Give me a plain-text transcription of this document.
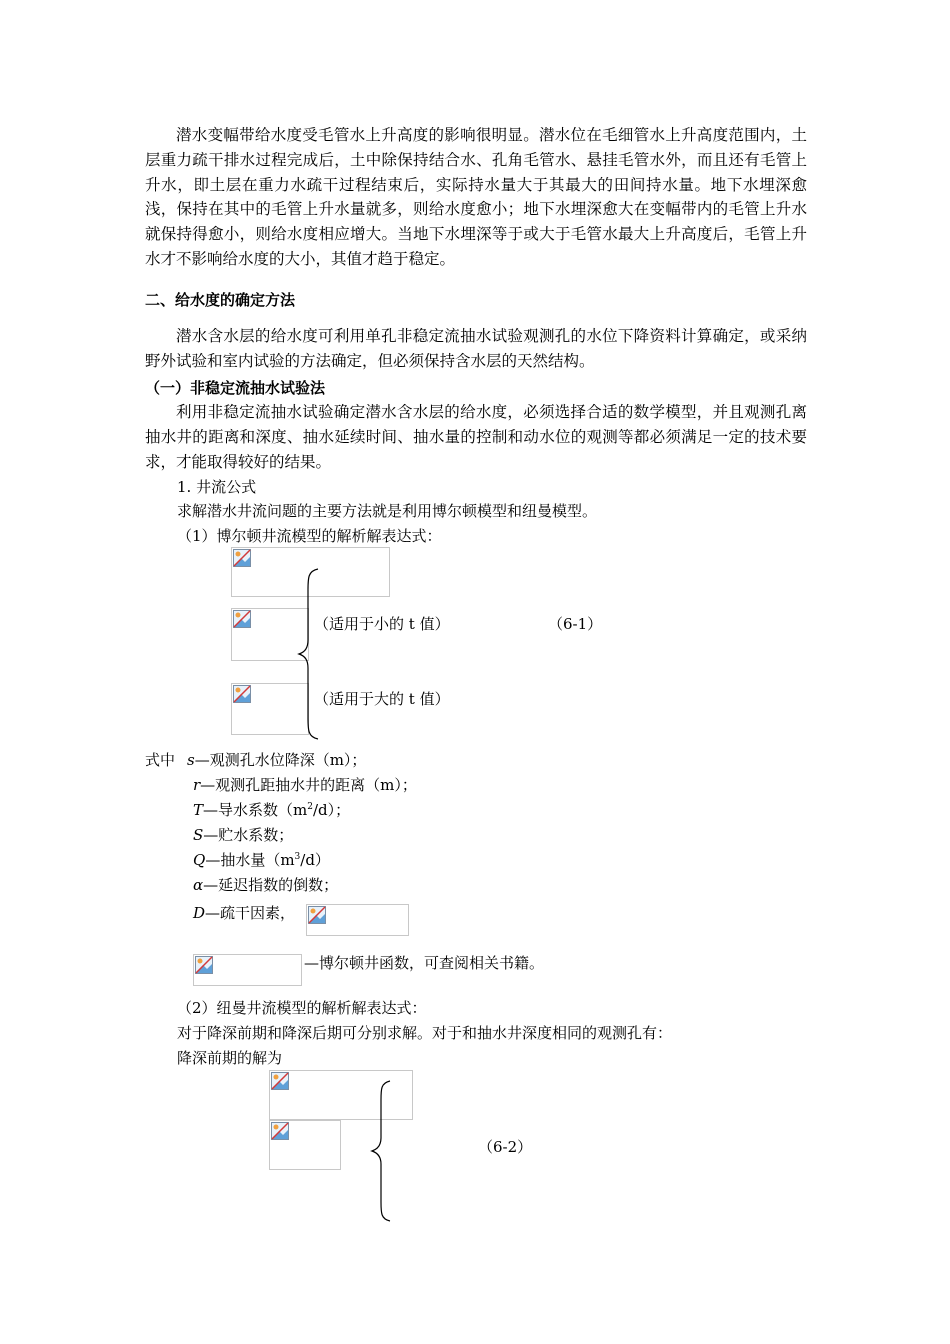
潜水变幅带给水度受毛管水上升高度的影响很明显。潜水位在毛细管水上升高度范围内，土层重力疏干排水过程完成后，土中除保持结合水、孔角毛管水、悬挂毛管水外，而且还有毛管上升水，即土层在重力水疏干过程结束后，实际持水量大于其最大的田间持水量。地下水埋深愈浅，保持在其中的毛管上升水量就多，则给水度愈小；地下水埋深愈大在变幅带内的毛管上升水就保持得愈小，则给水度相应增大。当地下水埋深等于或大于毛管水最大上升高度后，毛管上升水才不影响给水度的大小，其值才趋于稳定。
二、给水度的确定方法
潜水含水层的给水度可利用单孔非稳定流抽水试验观测孔的水位下降资料计算确定，或采纳野外试验和室内试验的方法确定，但必须保持含水层的天然结构。
（一）非稳定流抽水试验法
利用非稳定流抽水试验确定潜水含水层的给水度，必须选择合适的数学模型，并且观测孔离抽水井的距离和深度、抽水延续时间、抽水量的控制和动水位的观测等都必须满足一定的技术要求，才能取得较好的结果。
1. 井流公式
求解潜水井流问题的主要方法就是利用博尔顿模型和纽曼模型。
（1）博尔顿井流模型的解析解表达式：
（适用于小的 t 值）
（适用于大的 t 值）
（6-1）
式中 s—观测孔水位降深（m）；
r—观测孔距抽水井的距离（m）；
T—导水系数$(m^2/d)$；
S—贮水系数；
Q—抽水量$(m^3/d)$
α—延迟指数的倒数；
D—疏干因素，
—博尔顿井函数，可查阅相关书籍。
（2）纽曼井流模型的解析解表达式：
对于降深前期和降深后期可分别求解。对于和抽水井深度相同的观测孔有：
降深前期的解为
（6-2）
